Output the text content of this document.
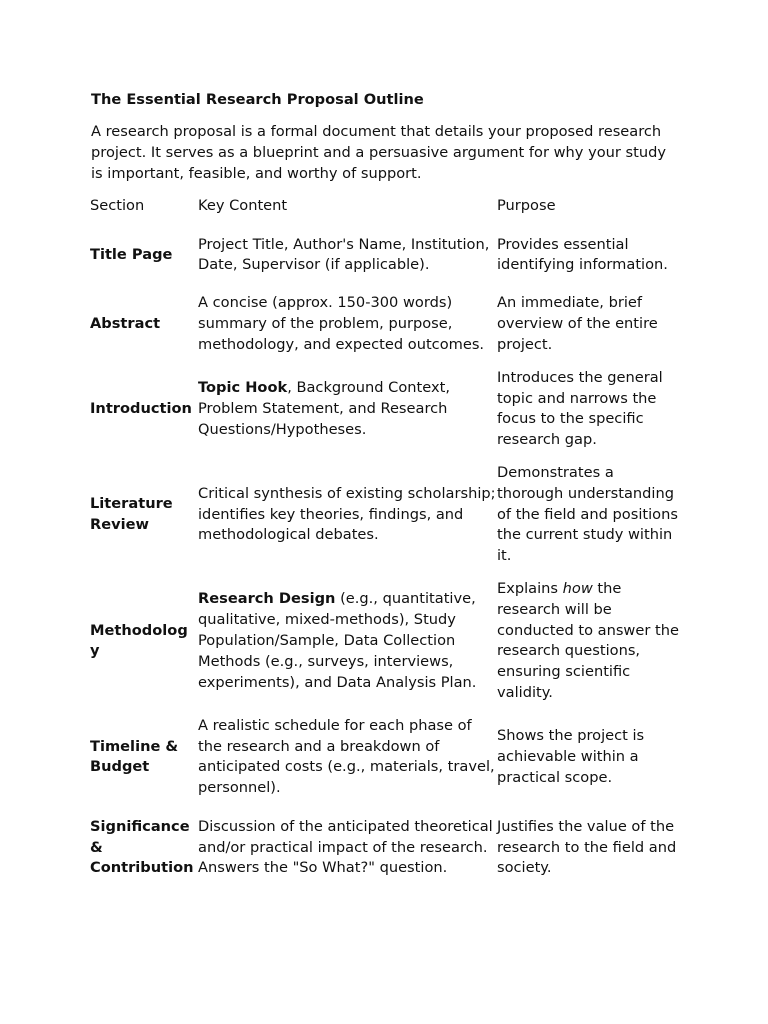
The Essential Research Proposal Outline
A research proposal is a formal document that details your proposed research project. It serves as a blueprint and a persuasive argument for why your study is important, feasible, and worthy of support.
Section	Key Content	Purpose
Title Page	Project Title, Author's Name, Institution, Date, Supervisor (if applicable).	Provides essential identifying information.
Abstract	A concise (approx. 150-300 words) summary of the problem, purpose, methodology, and expected outcomes.	An immediate, brief overview of the entire project.
Introduction	Topic Hook, Background Context, Problem Statement, and Research Questions/Hypotheses.	Introduces the general topic and narrows the focus to the specific research gap.
Literature Review	Critical synthesis of existing scholarship; identifies key theories, findings, and methodological debates.	Demonstrates a thorough understanding of the field and positions the current study within it.
Methodology	Research Design (e.g., quantitative, qualitative, mixed-methods), Study Population/Sample, Data Collection Methods (e.g., surveys, interviews, experiments), and Data Analysis Plan.	Explains how the research will be conducted to answer the research questions, ensuring scientific validity.
Timeline & Budget	A realistic schedule for each phase of the research and a breakdown of anticipated costs (e.g., materials, travel, personnel).	Shows the project is achievable within a practical scope.
Significance & Contribution	Discussion of the anticipated theoretical and/or practical impact of the research. Answers the "So What?" question.	Justifies the value of the research to the field and society.
